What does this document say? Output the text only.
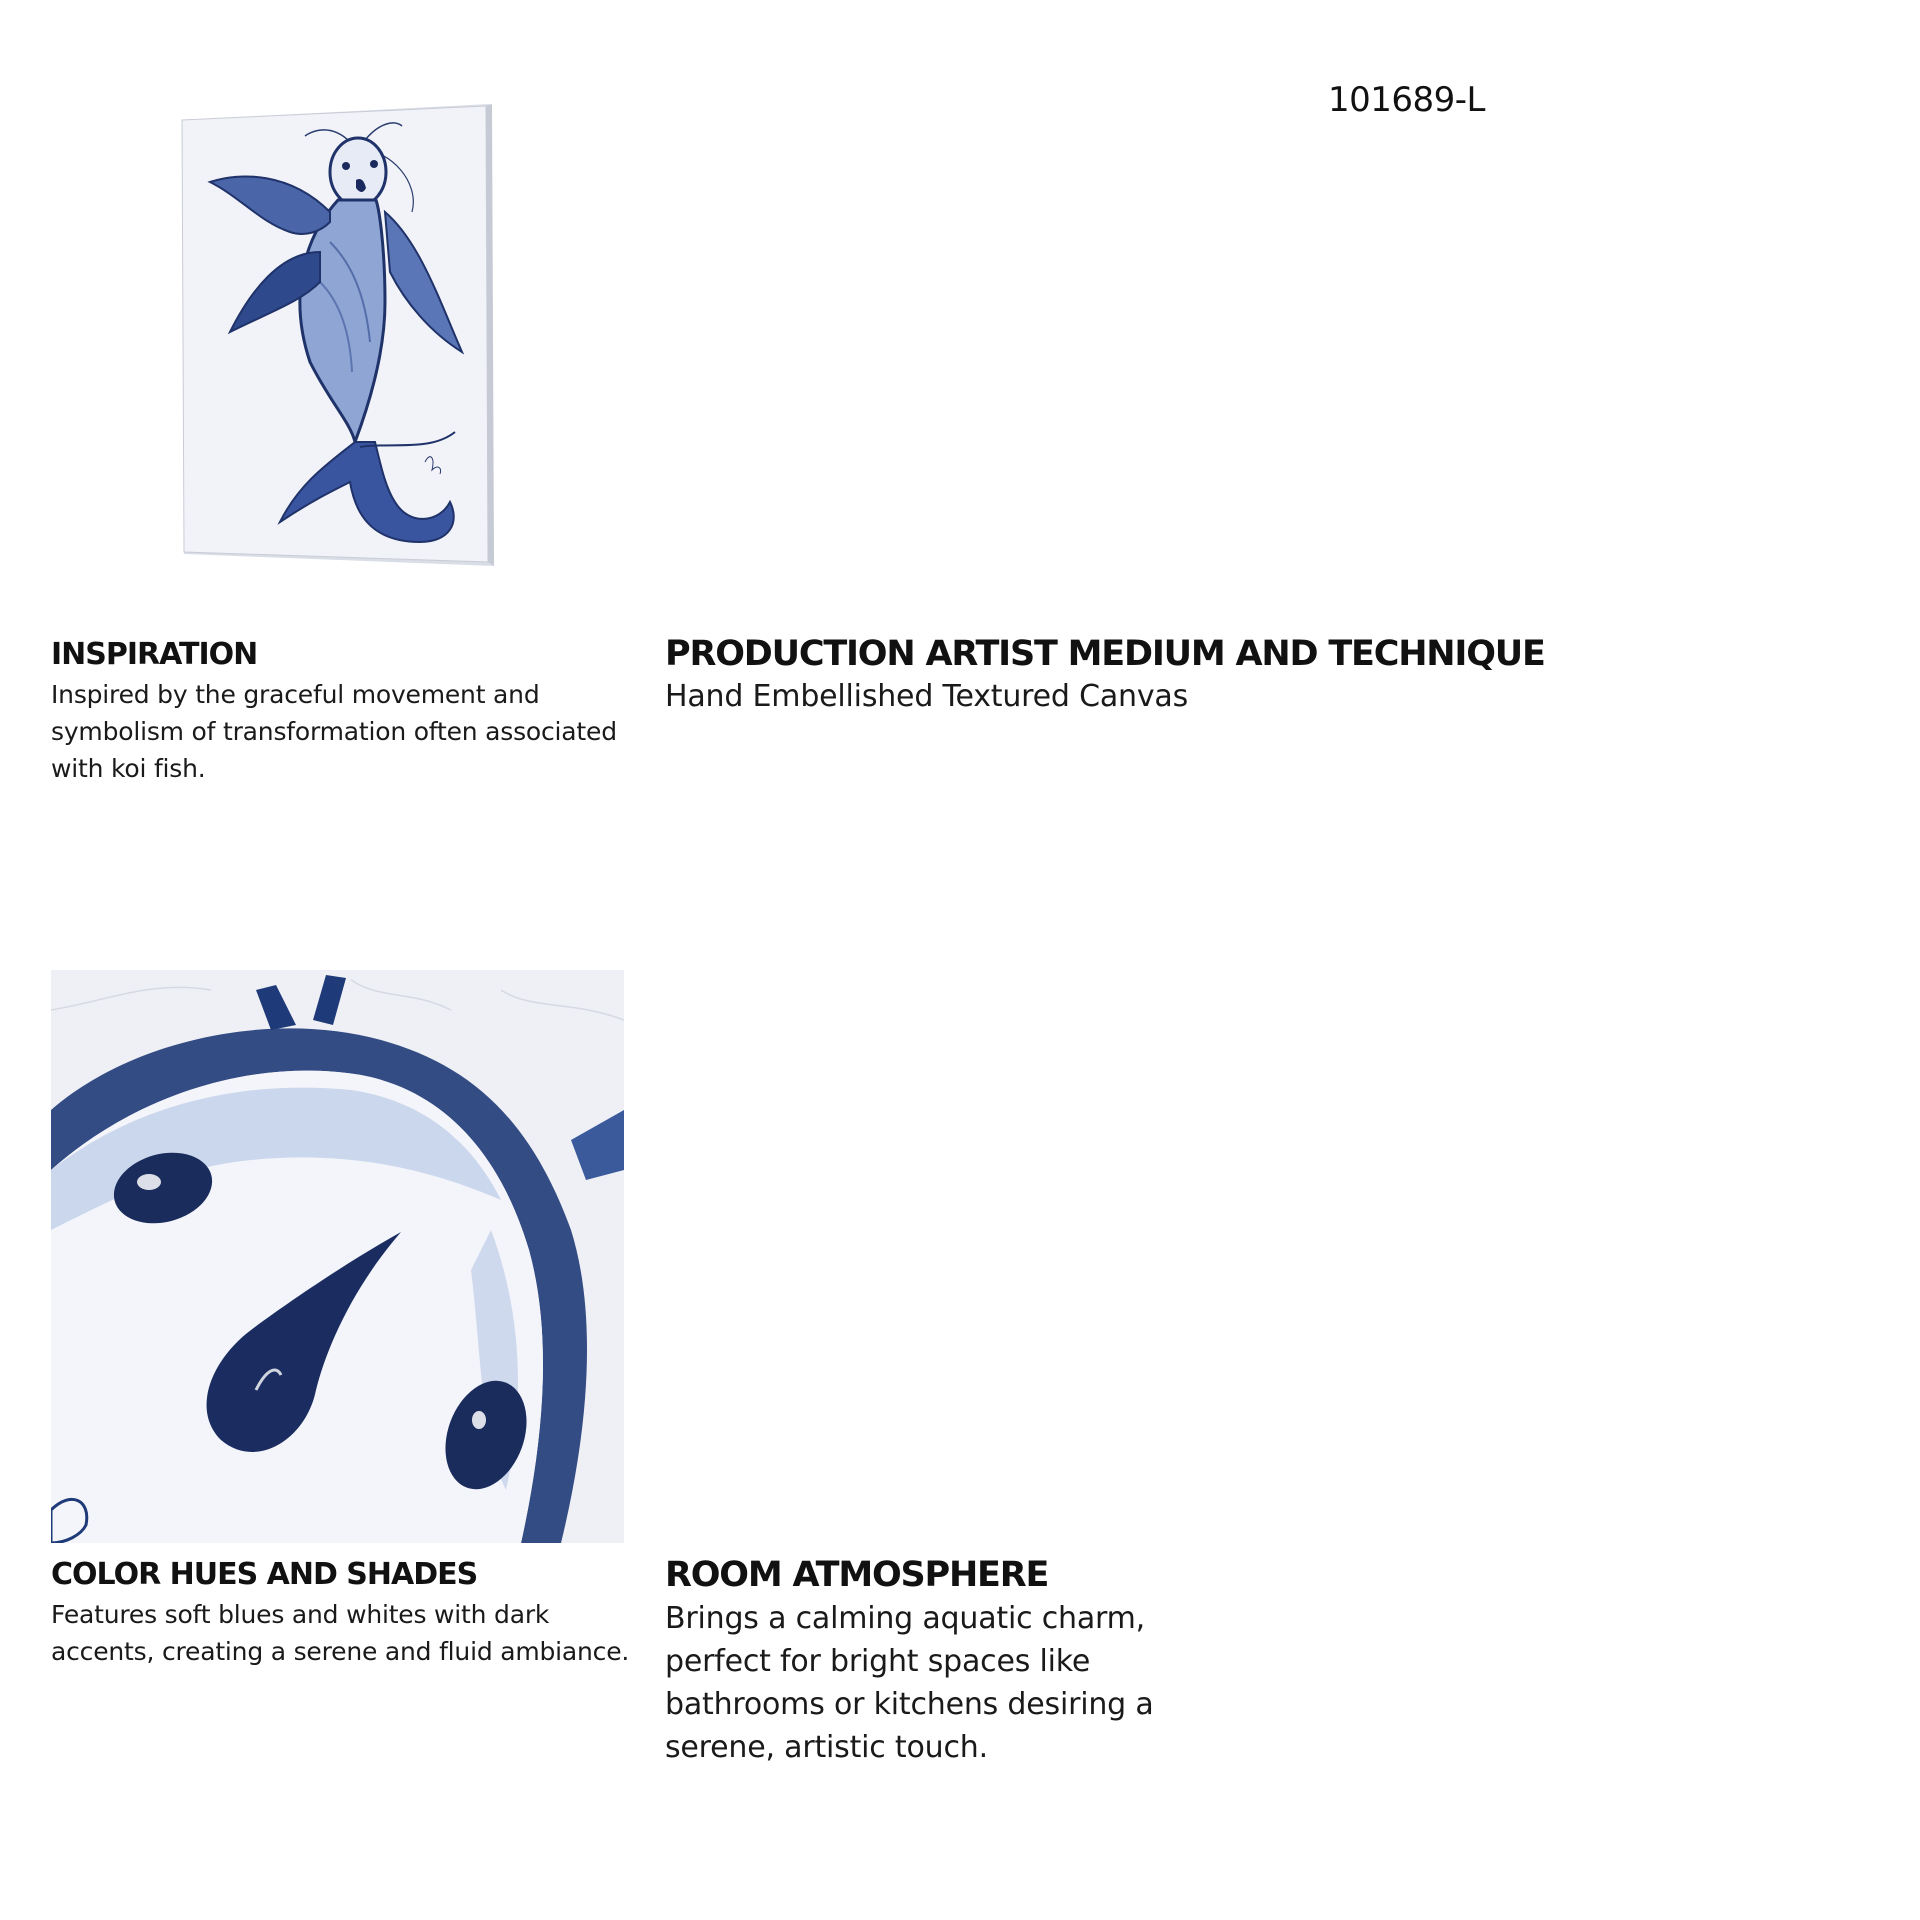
101689-L
INSPIRATION
Inspired by the graceful movement and symbolism of transformation often associated with koi fish.
PRODUCTION ARTIST MEDIUM AND TECHNIQUE
Hand Embellished Textured Canvas
COLOR HUES AND SHADES
Features soft blues and whites with dark accents, creating a serene and fluid ambiance.
ROOM ATMOSPHERE
Brings a calming aquatic charm, perfect for bright spaces like bathrooms or kitchens desiring a serene, artistic touch.
